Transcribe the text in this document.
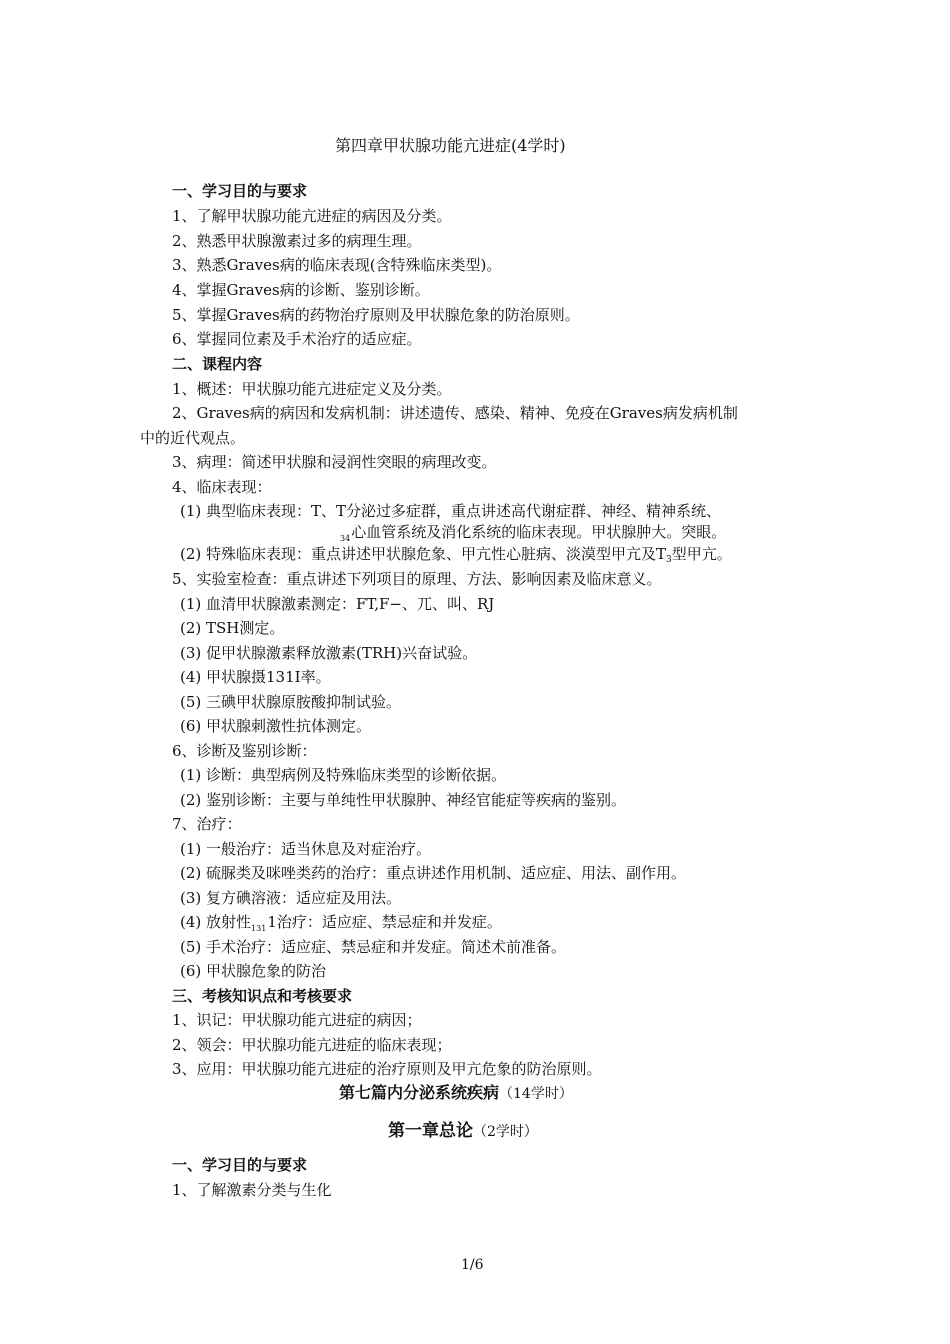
第四章甲状腺功能亢进症(4学时)
一、学习目的与要求
1、了解甲状腺功能亢进症的病因及分类。
2、熟悉甲状腺激素过多的病理生理。
3、熟悉Graves病的临床表现(含特殊临床类型)。
4、掌握Graves病的诊断、鉴别诊断。
5、掌握Graves病的药物治疗原则及甲状腺危象的防治原则。
6、掌握同位素及手术治疗的适应症。
二、课程内容
1、概述：甲状腺功能亢进症定义及分类。
2、Graves病的病因和发病机制：讲述遗传、感染、精神、免疫在Graves病发病机制
中的近代观点。
3、病理：简述甲状腺和浸润性突眼的病理改变。
4、临床表现：
(1) 典型临床表现：T、T分泌过多症群，重点讲述高代谢症群、神经、精神系统、
$_{34}$心血管系统及消化系统的临床表现。甲状腺肿大。突眼。
(2) 特殊临床表现：重点讲述甲状腺危象、甲亢性心脏病、淡漠型甲亢及$T_3$型甲亢。
5、实验室检查：重点讲述下列项目的原理、方法、影响因素及临床意义。
(1) 血清甲状腺激素测定：FT,F−、兀、叫、RJ
(2) TSH测定。
(3) 促甲状腺激素释放激素(TRH)兴奋试验。
(4) 甲状腺摄131I率。
(5) 三碘甲状腺原胺酸抑制试验。
(6) 甲状腺刺激性抗体测定。
6、诊断及鉴别诊断：
(1) 诊断：典型病例及特殊临床类型的诊断依据。
(2) 鉴别诊断：主要与单纯性甲状腺肿、神经官能症等疾病的鉴别。
7、治疗：
(1) 一般治疗：适当休息及对症治疗。
(2) 硫脲类及咪唑类药的治疗：重点讲述作用机制、适应症、用法、副作用。
(3) 复方碘溶液：适应症及用法。
(4) 放射性$_{131}$1治疗：适应症、禁忌症和并发症。
(5) 手术治疗：适应症、禁忌症和并发症。简述术前准备。
(6) 甲状腺危象的防治
三、考核知识点和考核要求
1、识记：甲状腺功能亢进症的病因；
2、领会：甲状腺功能亢进症的临床表现；
3、应用：甲状腺功能亢进症的治疗原则及甲亢危象的防治原则。
第七篇内分泌系统疾病（14学时）
第一章总论（2学时）
一、学习目的与要求
1、了解激素分类与生化
1/6
